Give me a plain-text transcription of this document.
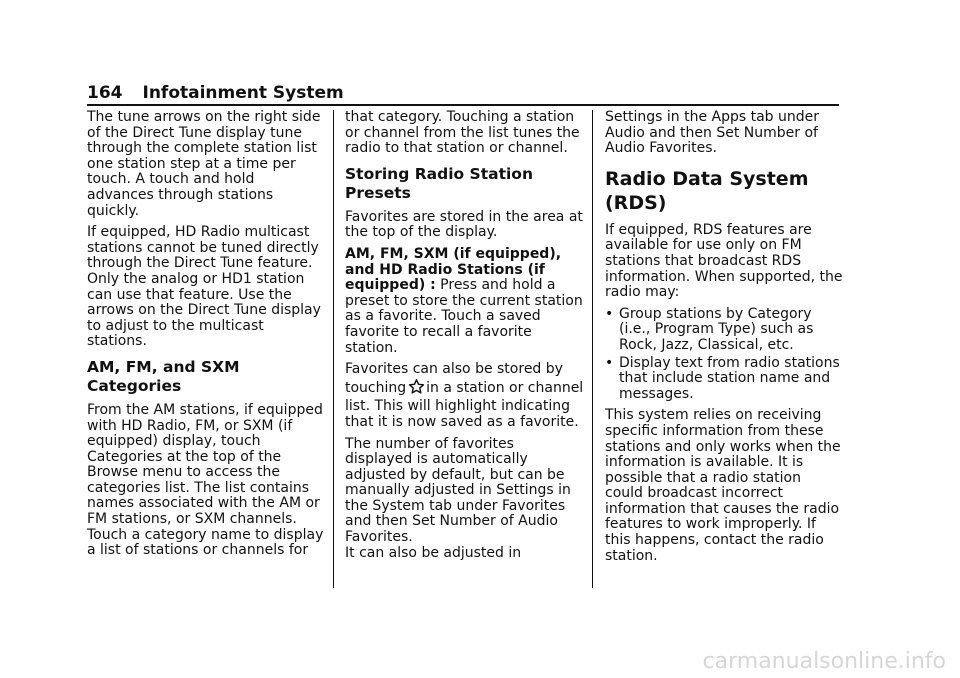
164 Infotainment System

The tune arrows on the right side of the Direct Tune display tune through the complete station list one station step at a time per touch. A touch and hold advances through stations quickly.

If equipped, HD Radio multicast stations cannot be tuned directly through the Direct Tune feature. Only the analog or HD1 station can use that feature. Use the arrows on the Direct Tune display to adjust to the multicast stations.

AM, FM, and SXM Categories

From the AM stations, if equipped with HD Radio, FM, or SXM (if equipped) display, touch Categories at the top of the Browse menu to access the categories list. The list contains names associated with the AM or FM stations, or SXM channels. Touch a category name to display a list of stations or channels for

that category. Touching a station or channel from the list tunes the radio to that station or channel.

Storing Radio Station Presets

Favorites are stored in the area at the top of the display.

AM, FM, SXM (if equipped), and HD Radio Stations (if equipped) : Press and hold a preset to store the current station as a favorite. Touch a saved favorite to recall a favorite station.

Favorites can also be stored by touching in a station or channel list. This will highlight indicating that it is now saved as a favorite.

The number of favorites displayed is automatically adjusted by default, but can be manually adjusted in Settings in the System tab under Favorites and then Set Number of Audio Favorites.

It can also be adjusted in

Settings in the Apps tab under Audio and then Set Number of Audio Favorites.

Radio Data System (RDS)

If equipped, RDS features are available for use only on FM stations that broadcast RDS information. When supported, the radio may:

• Group stations by Category (i.e., Program Type) such as Rock, Jazz, Classical, etc.
• Display text from radio stations that include station name and messages.

This system relies on receiving specific information from these stations and only works when the information is available. It is possible that a radio station could broadcast incorrect information that causes the radio features to work improperly. If this happens, contact the radio station.

carmanualsonline.info
